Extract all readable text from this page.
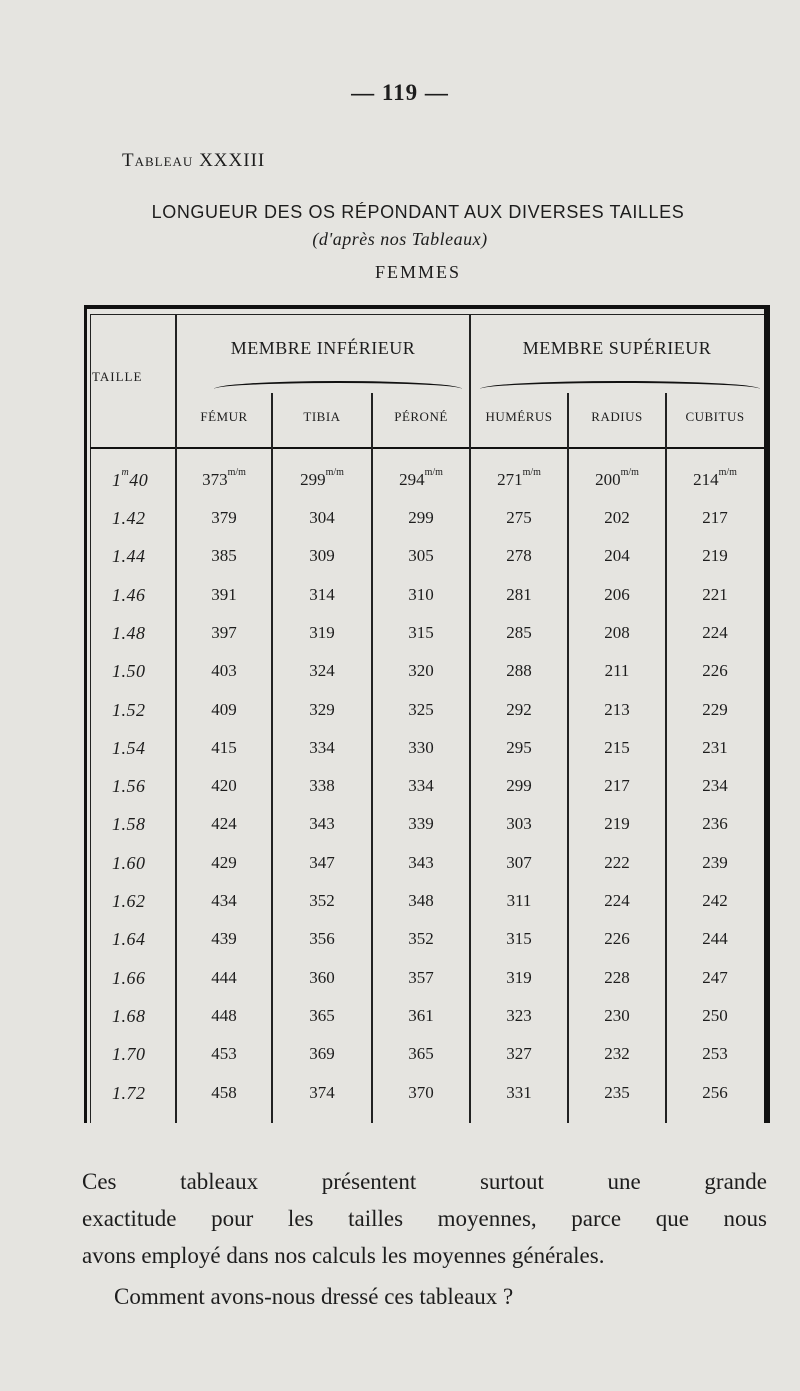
— 119 —
Tableau XXXIII
LONGUEUR DES OS RÉPONDANT AUX DIVERSES TAILLES
(d'après nos Tableaux)
FEMMES
TAILLE
MEMBRE INFÉRIEUR	MEMBRE SUPÉRIEUR
FÉMUR	TIBIA	PÉRONÉ	HUMÉRUS	RADIUS	CUBITUS
1$^m$40	$373^{m/m}$	$299^{m/m}$	$294^{m/m}$	$271^{m/m}$	$200^{m/m}$	$214^{m/m}$
1.42	379	304	299	275	202	217
1.44	385	309	305	278	204	219
1.46	391	314	310	281	206	221
1.48	397	319	315	285	208	224
1.50	403	324	320	288	211	226
1.52	409	329	325	292	213	229
1.54	415	334	330	295	215	231
1.56	420	338	334	299	217	234
1.58	424	343	339	303	219	236
1.60	429	347	343	307	222	239
1.62	434	352	348	311	224	242
1.64	439	356	352	315	226	244
1.66	444	360	357	319	228	247
1.68	448	365	361	323	230	250
1.70	453	369	365	327	232	253
1.72	458	374	370	331	235	256
Ces tableaux présentent surtout une grande
exactitude pour les tailles moyennes, parce que nous
avons employé dans nos calculs les moyennes générales.
Comment avons-nous dressé ces tableaux ?
